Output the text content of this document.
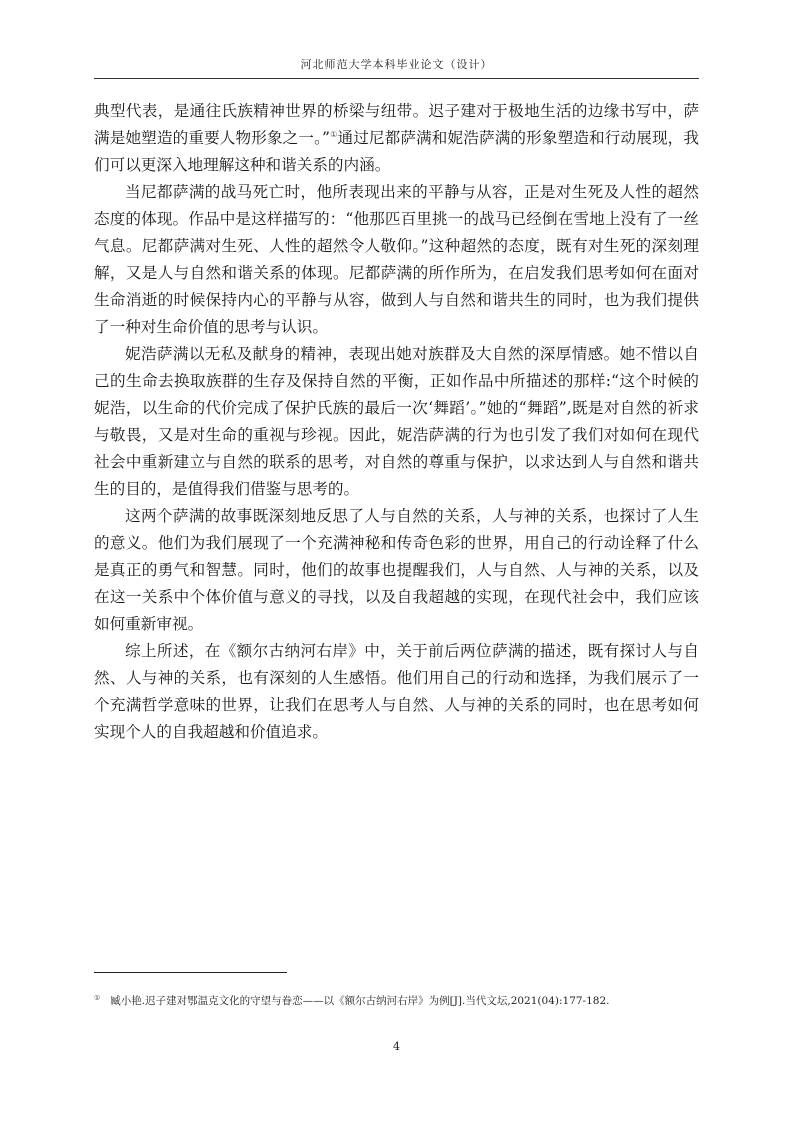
河北师范大学本科毕业论文（设计）

典型代表，是通往氏族精神世界的桥梁与纽带。迟子建对于极地生活的边缘书写中，萨满是她塑造的重要人物形象之一。”①通过尼都萨满和妮浩萨满的形象塑造和行动展现，我们可以更深入地理解这种和谐关系的内涵。

当尼都萨满的战马死亡时，他所表现出来的平静与从容，正是对生死及人性的超然态度的体现。作品中是这样描写的：“他那匹百里挑一的战马已经倒在雪地上没有了一丝气息。尼都萨满对生死、人性的超然令人敬仰。”这种超然的态度，既有对生死的深刻理解，又是人与自然和谐关系的体现。尼都萨满的所作所为，在启发我们思考如何在面对生命消逝的时候保持内心的平静与从容，做到人与自然和谐共生的同时，也为我们提供了一种对生命价值的思考与认识。

妮浩萨满以无私及献身的精神，表现出她对族群及大自然的深厚情感。她不惜以自己的生命去换取族群的生存及保持自然的平衡，正如作品中所描述的那样:“这个时候的妮浩，以生命的代价完成了保护氏族的最后一次‘舞蹈’。”她的“舞蹈”,既是对自然的祈求与敬畏，又是对生命的重视与珍视。因此，妮浩萨满的行为也引发了我们对如何在现代社会中重新建立与自然的联系的思考，对自然的尊重与保护，以求达到人与自然和谐共生的目的，是值得我们借鉴与思考的。

这两个萨满的故事既深刻地反思了人与自然的关系，人与神的关系，也探讨了人生的意义。他们为我们展现了一个充满神秘和传奇色彩的世界，用自己的行动诠释了什么是真正的勇气和智慧。同时，他们的故事也提醒我们，人与自然、人与神的关系，以及在这一关系中个体价值与意义的寻找，以及自我超越的实现，在现代社会中，我们应该如何重新审视。

综上所述，在《额尔古纳河右岸》中，关于前后两位萨满的描述，既有探讨人与自然、人与神的关系，也有深刻的人生感悟。他们用自己的行动和选择，为我们展示了一个充满哲学意味的世界，让我们在思考人与自然、人与神的关系的同时，也在思考如何实现个人的自我超越和价值追求。

① 臧小艳.迟子建对鄂温克文化的守望与眷恋——以《额尔古纳河右岸》为例[J].当代文坛,2021(04):177-182.
4
